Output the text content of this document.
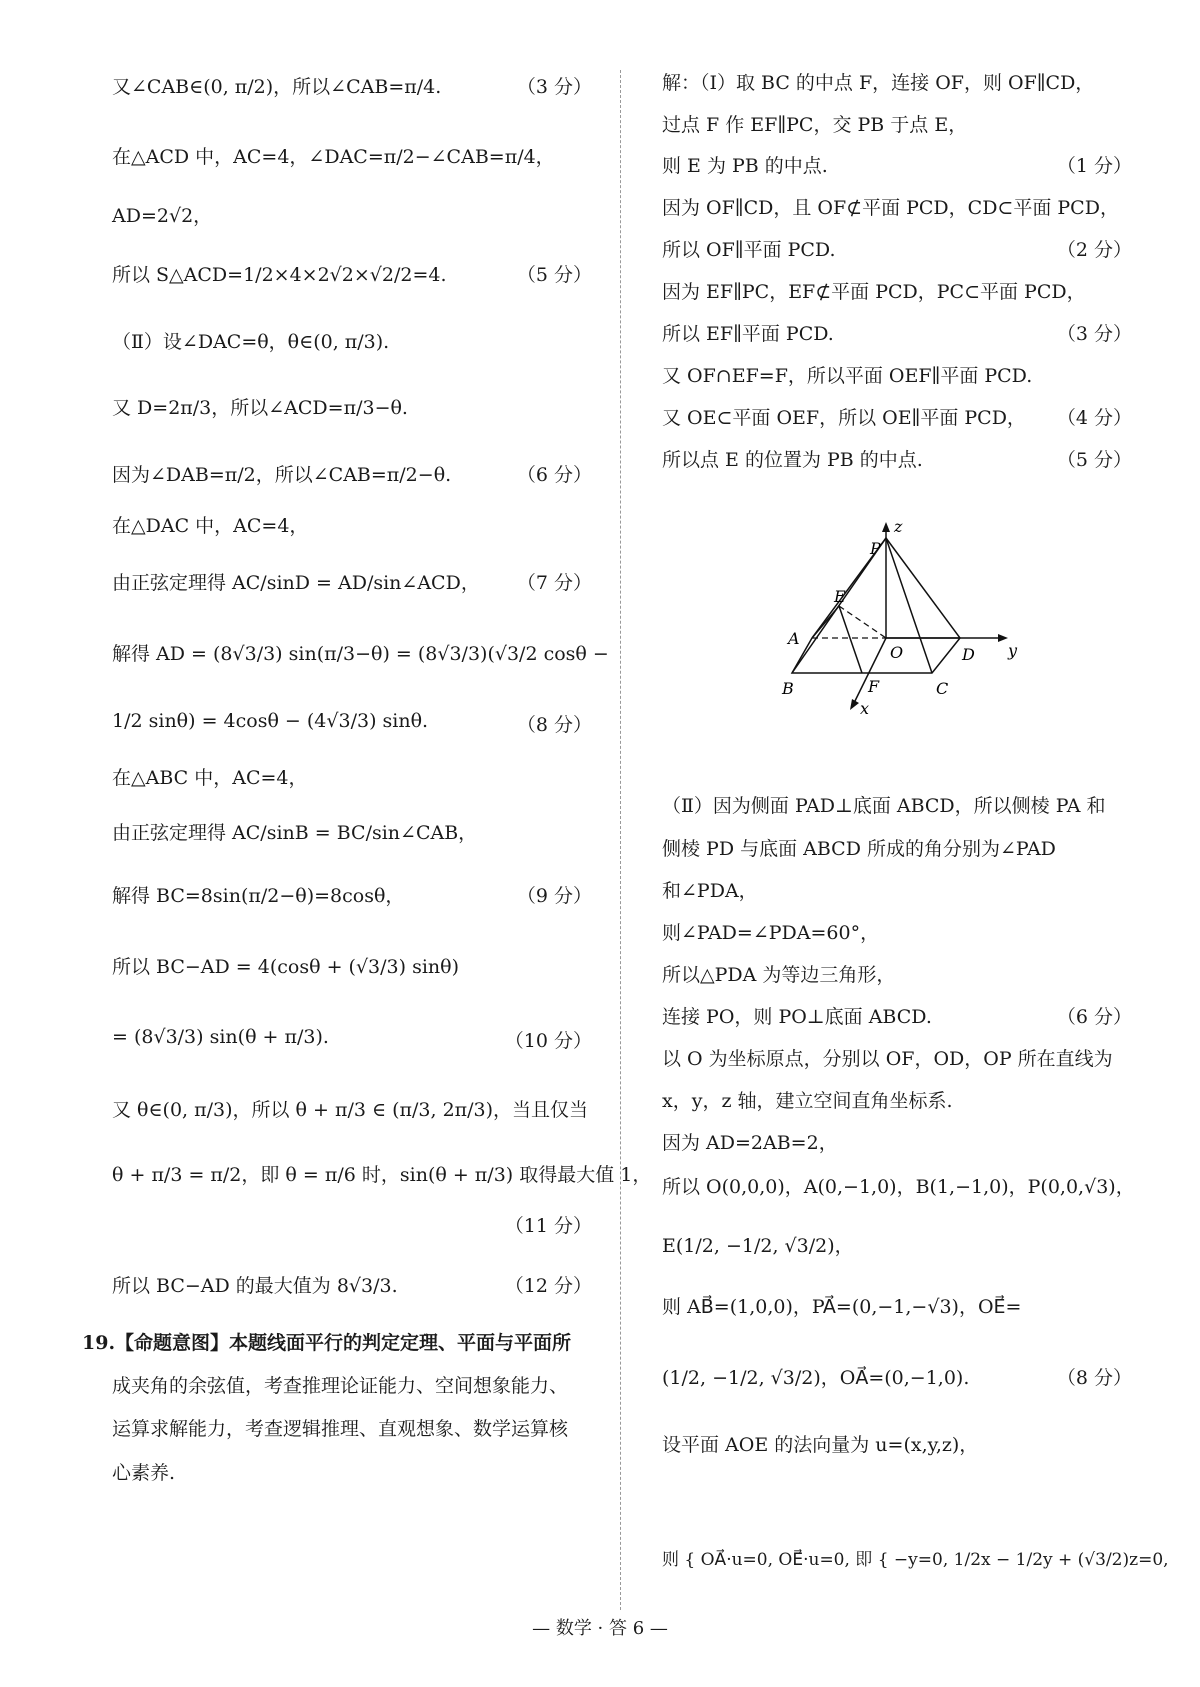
又∠CAB∈(0, π/2)，所以∠CAB=π/4.	（3 分）
在△ACD 中，AC=4，∠DAC=π/2−∠CAB=π/4，
AD=2√2，
所以 S△ACD=1/2×4×2√2×√2/2=4.	（5 分）
（Ⅱ）设∠DAC=θ，θ∈(0, π/3).
又 D=2π/3，所以∠ACD=π/3−θ.
因为∠DAB=π/2，所以∠CAB=π/2−θ.	（6 分）
在△DAC 中，AC=4，
由正弦定理得 AC/sinD = AD/sin∠ACD， （7 分）
解得 AD = (8√3/3) sin(π/3−θ) = (8√3/3)(√3/2 cosθ −
1/2 sinθ) = 4cosθ − (4√3/3) sinθ.	（8 分）
在△ABC 中，AC=4，
由正弦定理得 AC/sinB = BC/sin∠CAB，
解得 BC=8sin(π/2−θ)=8cosθ，	（9 分）
所以 BC−AD = 4(cosθ + (√3/3) sinθ)
= (8√3/3) sin(θ + π/3).	（10 分）
又 θ∈(0, π/3)，所以 θ + π/3 ∈ (π/3, 2π/3)，当且仅当
θ + π/3 = π/2，即 θ = π/6 时，sin(θ + π/3) 取得最大值 1，
（11 分）
所以 BC−AD 的最大值为 8√3/3.	（12 分）
19.【命题意图】本题线面平行的判定定理、平面与平面所
成夹角的余弦值，考查推理论证能力、空间想象能力、
运算求解能力，考查逻辑推理、直观想象、数学运算核
心素养.
解：（Ⅰ）取 BC 的中点 F，连接 OF，则 OF∥CD，
过点 F 作 EF∥PC，交 PB 于点 E，
则 E 为 PB 的中点.	（1 分）
因为 OF∥CD，且 OF⊄平面 PCD，CD⊂平面 PCD，
所以 OF∥平面 PCD.	（2 分）
因为 EF∥PC，EF⊄平面 PCD，PC⊂平面 PCD，
所以 EF∥平面 PCD.	（3 分）
又 OF∩EF=F，所以平面 OEF∥平面 PCD.
又 OE⊂平面 OEF，所以 OE∥平面 PCD， （4 分）
所以点 E 的位置为 PB 的中点.	（5 分）
z
y
x
P
A
E
O	D
B	F	C
（Ⅱ）因为侧面 PAD⊥底面 ABCD，所以侧棱 PA 和
侧棱 PD 与底面 ABCD 所成的角分别为∠PAD
和∠PDA，
则∠PAD=∠PDA=60°，
所以△PDA 为等边三角形，
连接 PO，则 PO⊥底面 ABCD.	（6 分）
以 O 为坐标原点，分别以 OF，OD，OP 所在直线为
x，y，z 轴，建立空间直角坐标系.
因为 AD=2AB=2，
所以 O(0,0,0)，A(0,−1,0)，B(1,−1,0)，P(0,0,√3)，
E(1/2, −1/2, √3/2)，
则 AB⃗=(1,0,0)，PA⃗=(0,−1,−√3)，OE⃗=
(1/2, −1/2, √3/2)，OA⃗=(0,−1,0).	（8 分）
设平面 AOE 的法向量为 u=(x,y,z)，
则 { OA⃗·u=0, OE⃗·u=0, 即 { −y=0, 1/2x − 1/2y + (√3/2)z=0,
— 数学 · 答 6 —
